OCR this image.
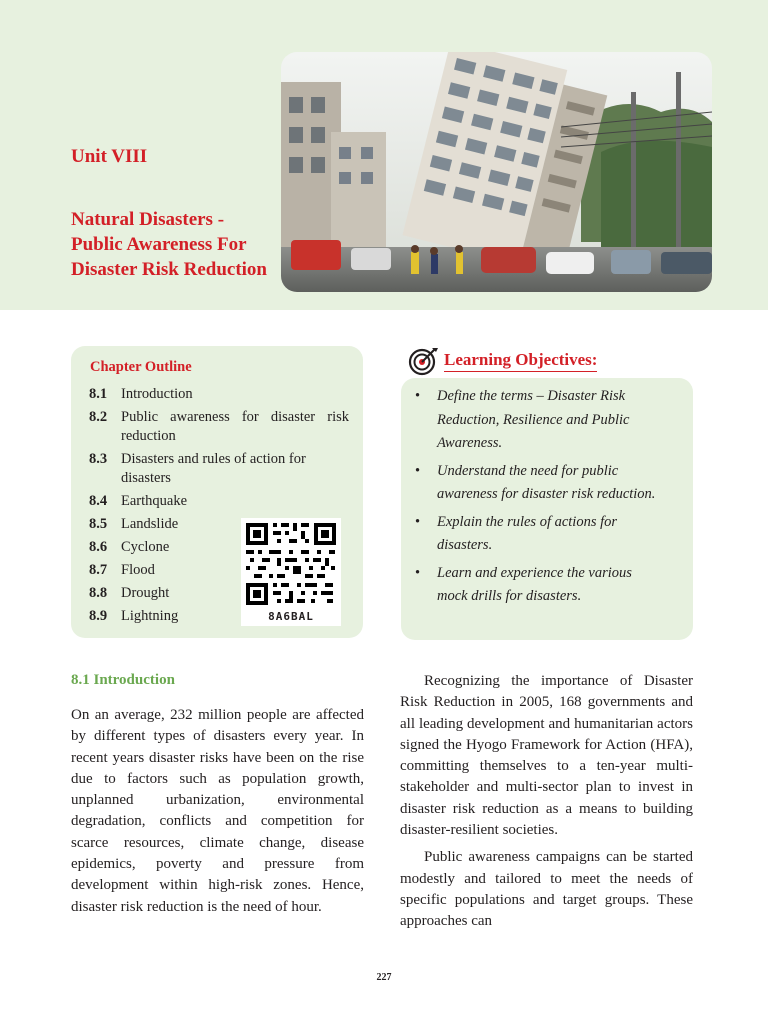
Unit VIII
Natural Disasters - Public Awareness For Disaster Risk Reduction
Chapter Outline
8.1 Introduction
8.2 Public awareness for disaster risk reduction
8.3 Disasters and rules of action for disasters
8.4 Earthquake
8.5 Landslide
8.6 Cyclone
8.7 Flood
8.8 Drought
8.9 Lightning	8A6BAL
Learning Objectives:
•	Define the terms – Disaster Risk Reduction, Resilience and Public Awareness.
•	Understand the need for public awareness for disaster risk reduction.
•	Explain the rules of actions for disasters.
•	Learn and experience the various mock drills for disasters.
8.1 Introduction

On an average, 232 million people are affected by different types of disasters every year. In recent years disaster risks have been on the rise due to factors such as population growth, unplanned urbanization, environmental degradation, conflicts and competition for scarce resources, climate change, disease epidemics, poverty and pressure from development within high-risk zones. Hence, disaster risk reduction is the need of hour.

Recognizing the importance of Disaster Risk Reduction in 2005, 168 governments and all leading development and humanitarian actors signed the Hyogo Framework for Action (HFA), committing themselves to a ten-year multi-stakeholder and multi-sector plan to invest in disaster risk reduction as a means to building disaster-resilient societies.

Public awareness campaigns can be started modestly and tailored to meet the needs of specific populations and target groups. These approaches can

227
